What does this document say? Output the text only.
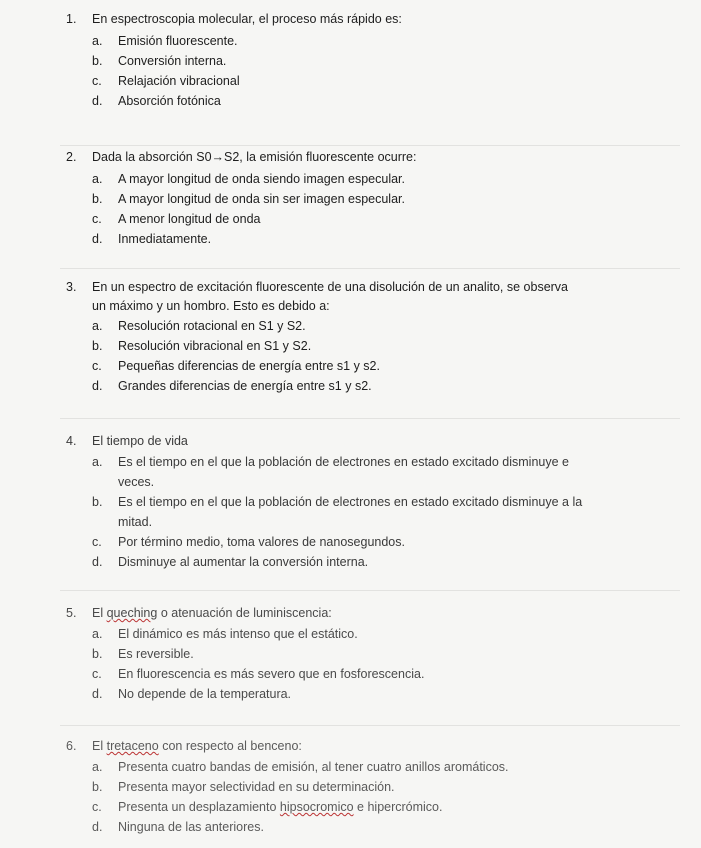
1. En espectroscopia molecular, el proceso más rápido es:
a. Emisión fluorescente.
b. Conversión interna.
c. Relajación vibracional
d. Absorción fotónica
2. Dada la absorción S0→S2, la emisión fluorescente ocurre:
a. A mayor longitud de onda siendo imagen especular.
b. A mayor longitud de onda sin ser imagen especular.
c. A menor longitud de onda
d. Inmediatamente.
3. En un espectro de excitación fluorescente de una disolución de un analito, se observa
un máximo y un hombro. Esto es debido a:
a. Resolución rotacional en S1 y S2.
b. Resolución vibracional en S1 y S2.
c. Pequeñas diferencias de energía entre s1 y s2.
d. Grandes diferencias de energía entre s1 y s2.
4. El tiempo de vida
a. Es el tiempo en el que la población de electrones en estado excitado disminuye e
veces.
b. Es el tiempo en el que la población de electrones en estado excitado disminuye a la
mitad.
c. Por término medio, toma valores de nanosegundos.
d. Disminuye al aumentar la conversión interna.
5. El queching o atenuación de luminiscencia:
a. El dinámico es más intenso que el estático.
b. Es reversible.
c. En fluorescencia es más severo que en fosforescencia.
d. No depende de la temperatura.
6. El tretaceno con respecto al benceno:
a. Presenta cuatro bandas de emisión, al tener cuatro anillos aromáticos.
b. Presenta mayor selectividad en su determinación.
c. Presenta un desplazamiento hipsocromico e hipercrómico.
d. Ninguna de las anteriores.
